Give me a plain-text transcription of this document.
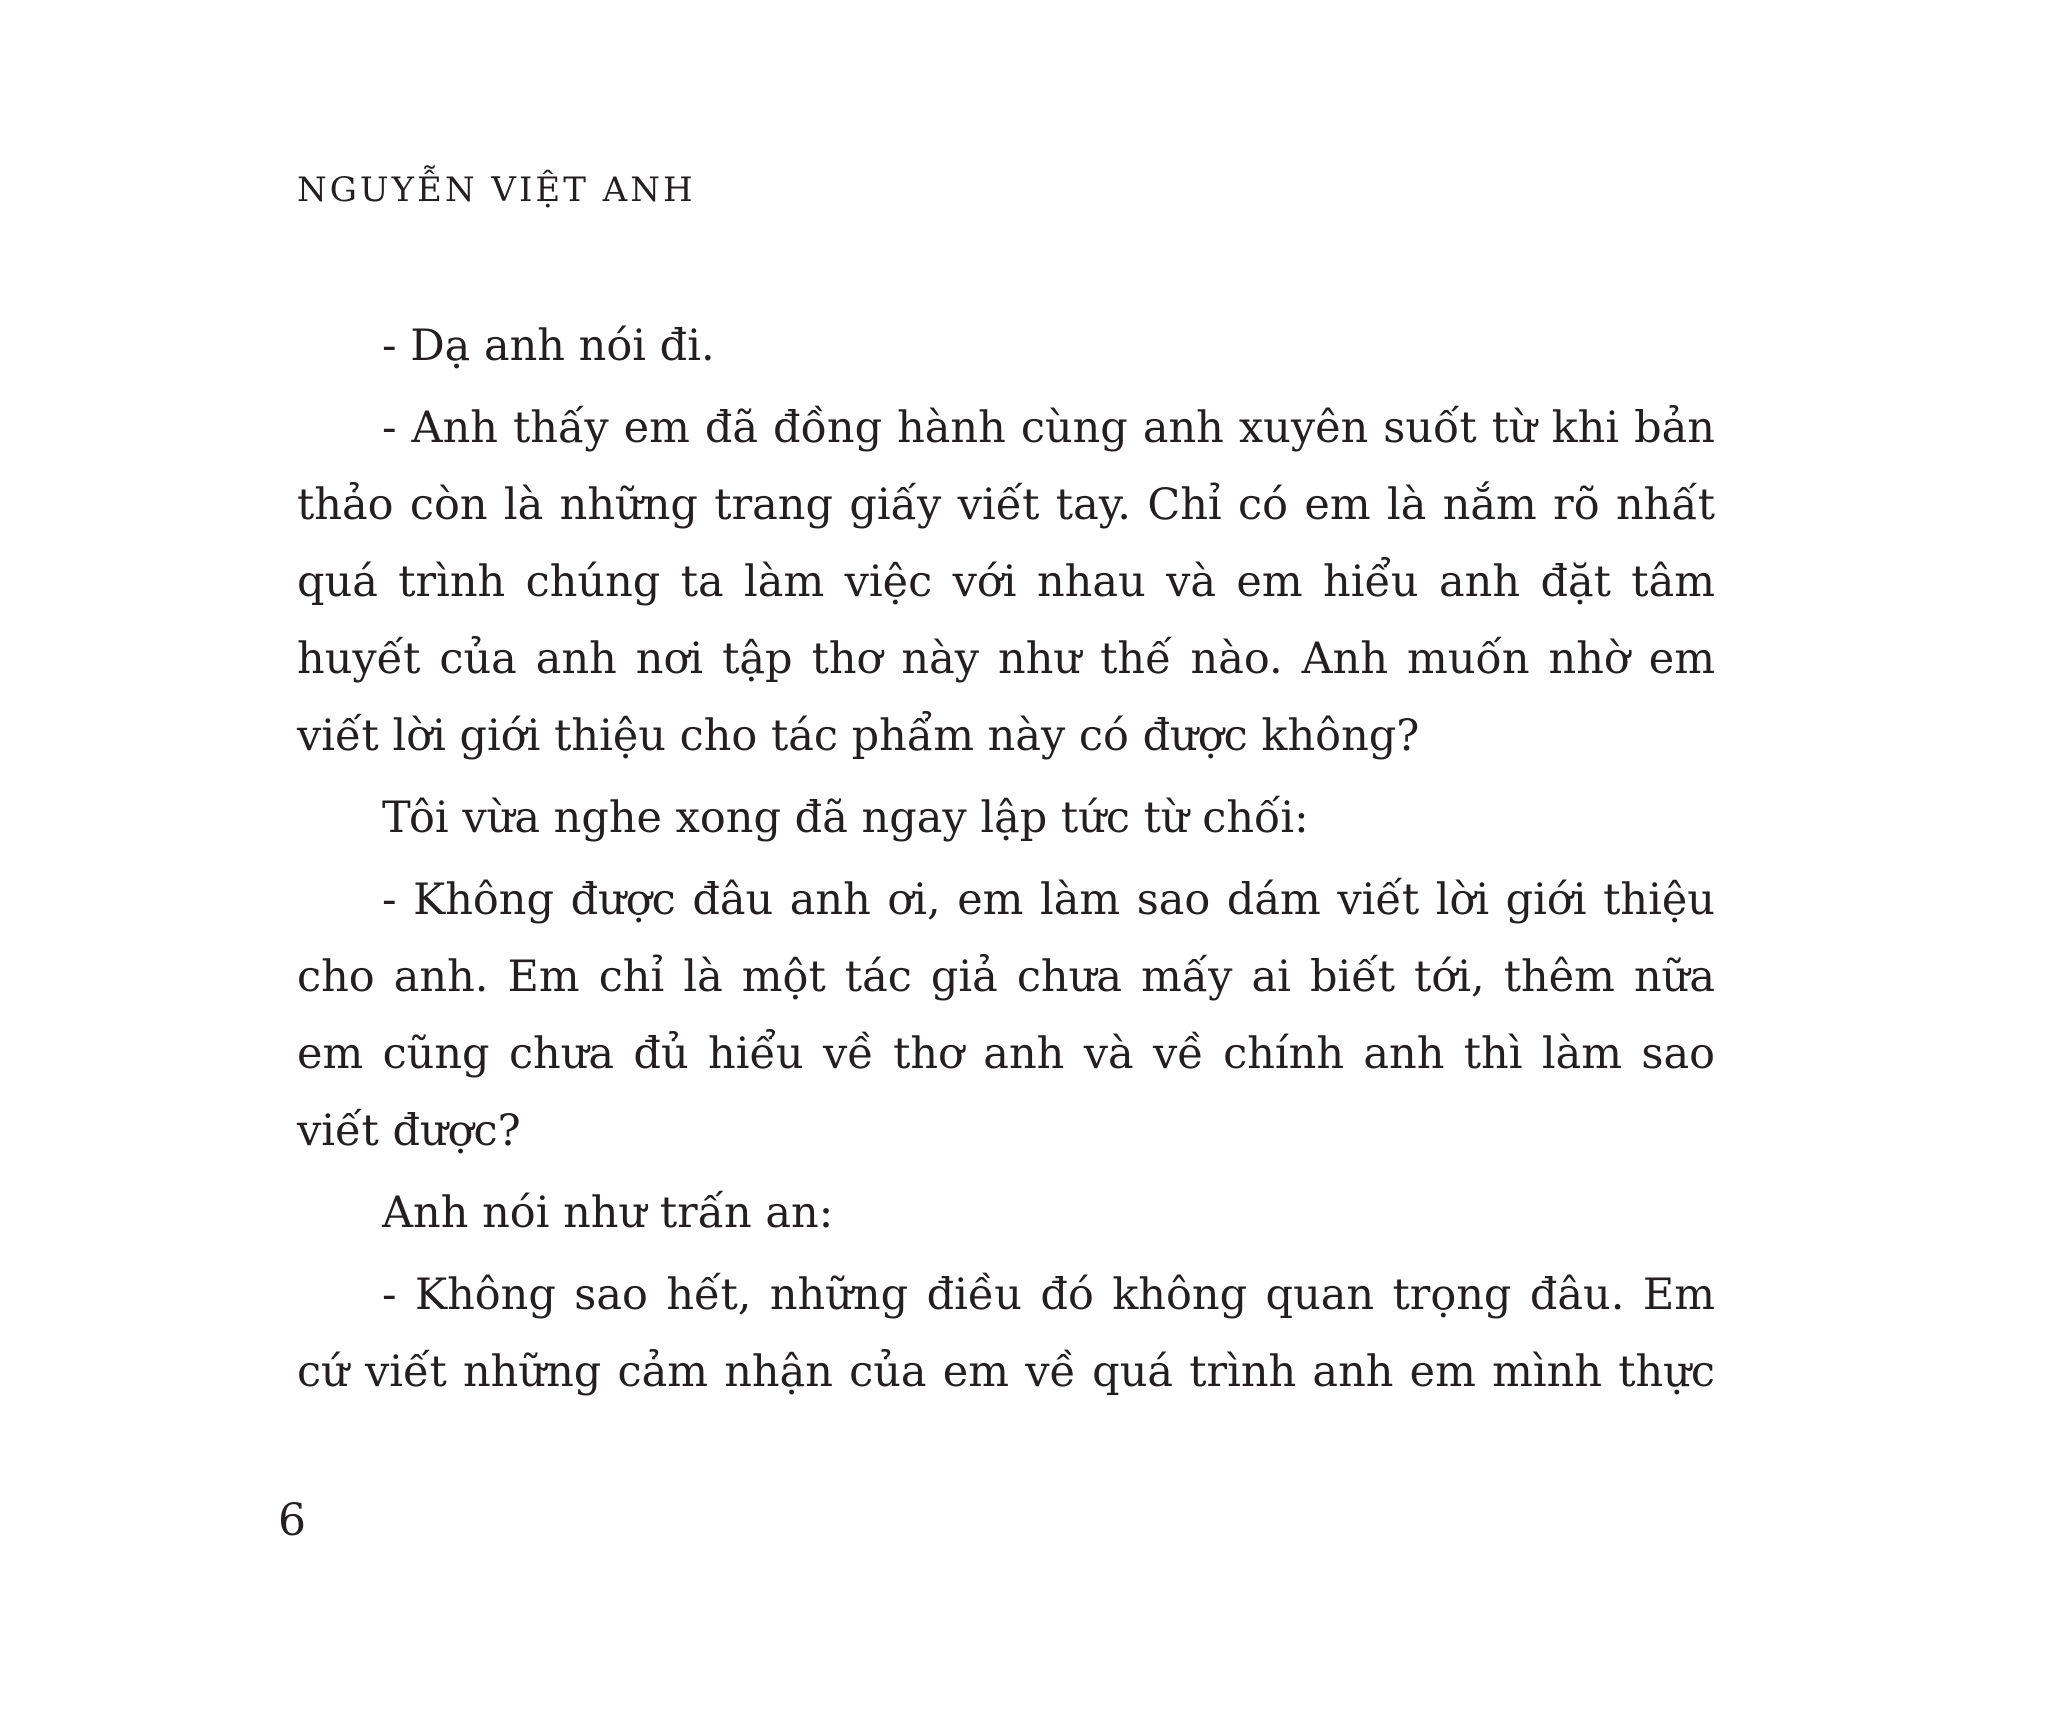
NGUYỄN VIỆT ANH
- Dạ anh nói đi.
- Anh thấy em đã đồng hành cùng anh xuyên suốt từ khi bản
thảo còn là những trang giấy viết tay. Chỉ có em là nắm rõ nhất
quá trình chúng ta làm việc với nhau và em hiểu anh đặt tâm
huyết của anh nơi tập thơ này như thế nào. Anh muốn nhờ em
viết lời giới thiệu cho tác phẩm này có được không?
Tôi vừa nghe xong đã ngay lập tức từ chối:
- Không được đâu anh ơi, em làm sao dám viết lời giới thiệu
cho anh. Em chỉ là một tác giả chưa mấy ai biết tới, thêm nữa
em cũng chưa đủ hiểu về thơ anh và về chính anh thì làm sao
viết được?
Anh nói như trấn an:
- Không sao hết, những điều đó không quan trọng đâu. Em
cứ viết những cảm nhận của em về quá trình anh em mình thực
6
